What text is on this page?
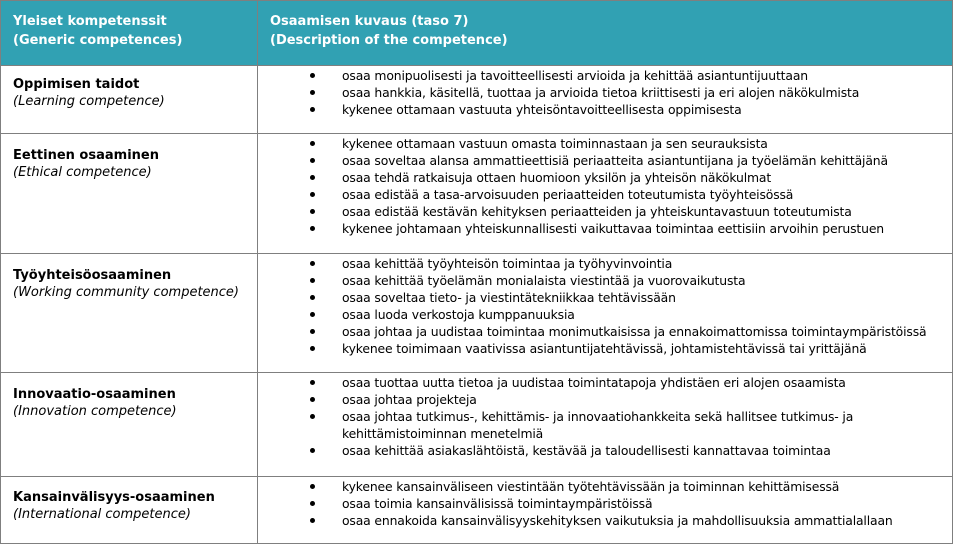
Yleiset kompetenssit
(Generic competences)
Osaamisen kuvaus (taso 7)
(Description of the competence)
Oppimisen taidot
(Learning competence)
osaa monipuolisesti ja tavoitteellisesti arvioida ja kehittää asiantuntijuuttaan
osaa hankkia, käsitellä, tuottaa ja arvioida tietoa kriittisesti ja eri alojen näkökulmista
kykenee ottamaan vastuuta yhteisöntavoitteellisesta oppimisesta
Eettinen osaaminen
(Ethical competence)
kykenee ottamaan vastuun omasta toiminnastaan ja sen seurauksista
osaa soveltaa alansa ammattieettisiä periaatteita asiantuntijana ja työelämän kehittäjänä
osaa tehdä ratkaisuja ottaen huomioon yksilön ja yhteisön näkökulmat
osaa edistää a tasa-arvoisuuden periaatteiden toteutumista työyhteisössä
osaa edistää kestävän kehityksen periaatteiden ja yhteiskuntavastuun toteutumista
kykenee johtamaan yhteiskunnallisesti vaikuttavaa toimintaa eettisiin arvoihin perustuen
Työyhteisöosaaminen
(Working community competence)
osaa kehittää työyhteisön toimintaa ja työhyvinvointia
osaa kehittää työelämän monialaista viestintää ja vuorovaikutusta
osaa soveltaa tieto- ja viestintätekniikkaa tehtävissään
osaa luoda verkostoja kumppanuuksia
osaa johtaa ja uudistaa toimintaa monimutkaisissa ja ennakoimattomissa toimintaympäristöissä
kykenee toimimaan vaativissa asiantuntijatehtävissä, johtamistehtävissä tai yrittäjänä
Innovaatio-osaaminen
(Innovation competence)
osaa tuottaa uutta tietoa ja uudistaa toimintatapoja yhdistäen eri alojen osaamista
osaa johtaa projekteja
osaa johtaa tutkimus-, kehittämis- ja innovaatiohankkeita sekä hallitsee tutkimus- ja kehittämistoiminnan menetelmiä
osaa kehittää asiakaslähtöistä, kestävää ja taloudellisesti kannattavaa toimintaa
Kansainvälisyys-osaaminen
(International competence)
kykenee kansainväliseen viestintään työtehtävissään ja toiminnan kehittämisessä
osaa toimia kansainvälisissä toimintaympäristöissä
osaa ennakoida kansainvälisyyskehityksen vaikutuksia ja mahdollisuuksia ammattialallaan
